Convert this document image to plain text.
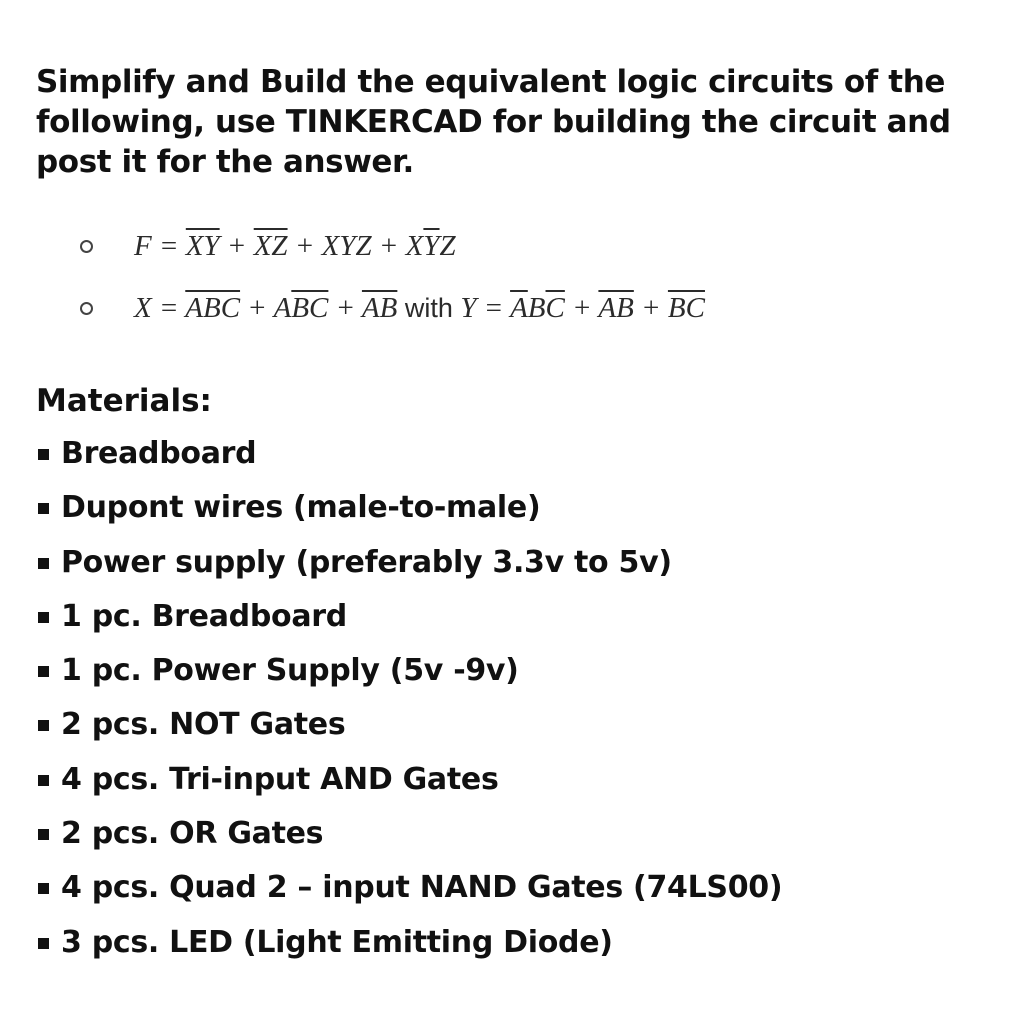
Simplify and Build the equivalent logic circuits of the following, use TINKERCAD for building the circuit and post it for the answer.

$F = \overline{XY} + \overline{XZ}$ + XYZ + $X\overline{Y}Z$
$X = \overline{ABC} + A\overline{BC} + \overline{AB}$ with $Y = \overline{A}B\overline{C} + \overline{AB} + \overline{BC}$

Materials:

Breadboard
Dupont wires (male-to-male)
Power supply (preferably 3.3v to 5v)
1 pc. Breadboard
1 pc. Power Supply (5v -9v)
2 pcs. NOT Gates
4 pcs. Tri-input AND Gates
2 pcs. OR Gates
4 pcs. Quad 2 – input NAND Gates (74LS00)
3 pcs. LED (Light Emitting Diode)
